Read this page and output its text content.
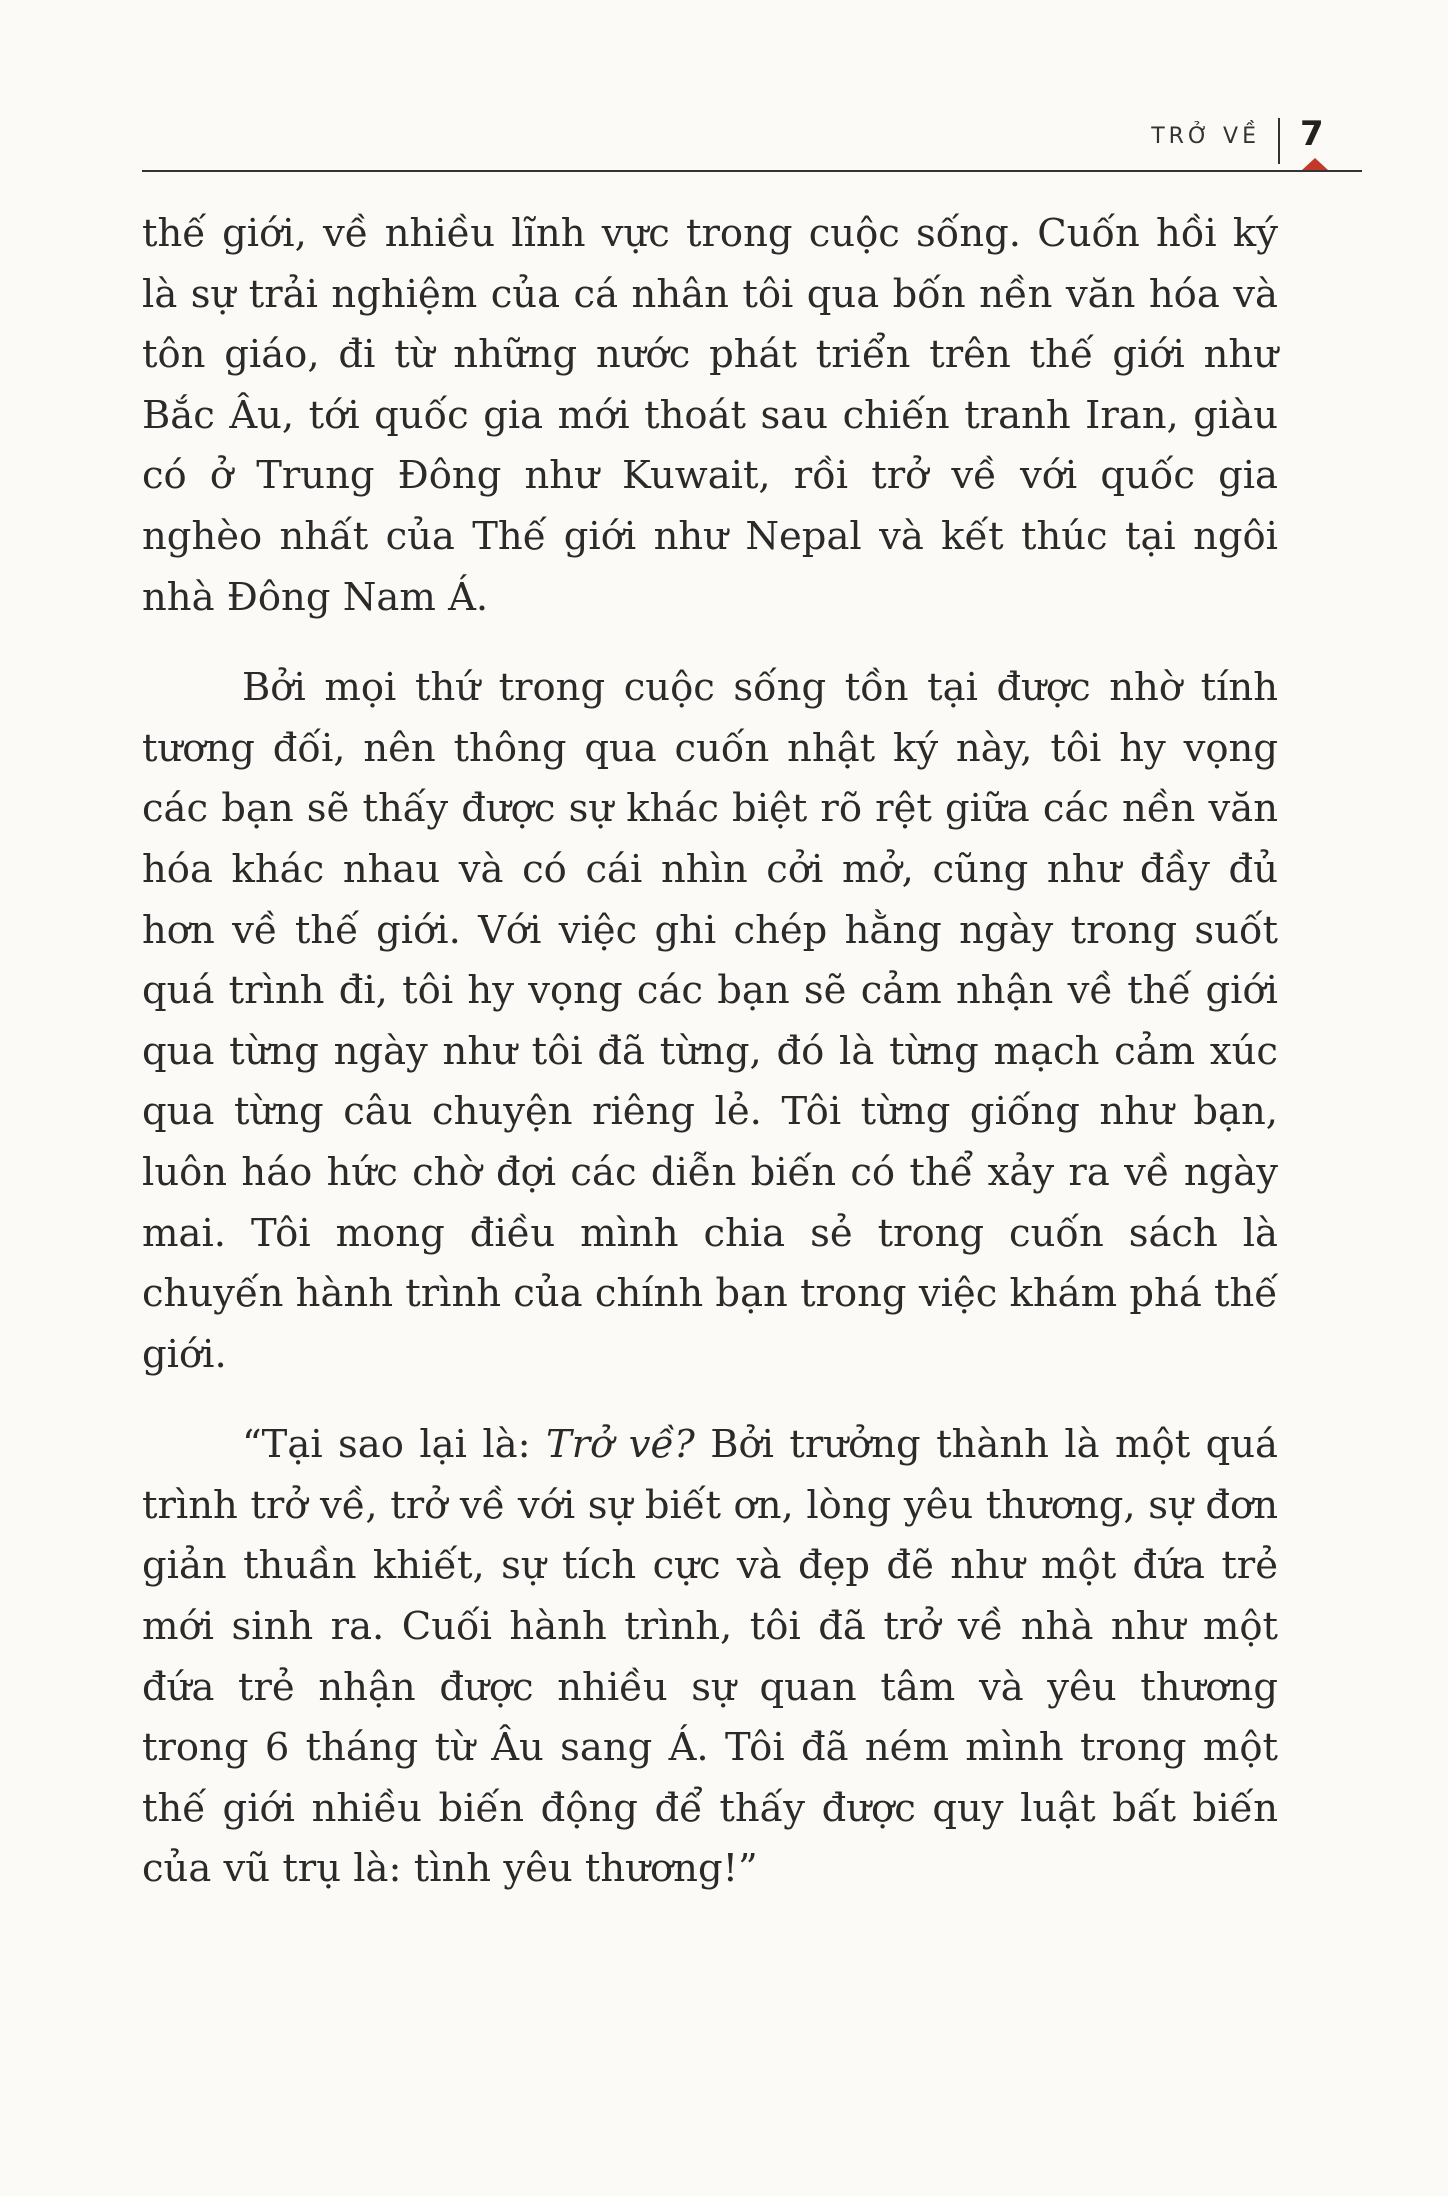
TRỞ VỀ 7

thế giới, về nhiều lĩnh vực trong cuộc sống. Cuốn hồi ký là sự trải nghiệm của cá nhân tôi qua bốn nền văn hóa và tôn giáo, đi từ những nước phát triển trên thế giới như Bắc Âu, tới quốc gia mới thoát sau chiến tranh Iran, giàu có ở Trung Đông như Kuwait, rồi trở về với quốc gia nghèo nhất của Thế giới như Nepal và kết thúc tại ngôi nhà Đông Nam Á.

Bởi mọi thứ trong cuộc sống tồn tại được nhờ tính tương đối, nên thông qua cuốn nhật ký này, tôi hy vọng các bạn sẽ thấy được sự khác biệt rõ rệt giữa các nền văn hóa khác nhau và có cái nhìn cởi mở, cũng như đầy đủ hơn về thế giới. Với việc ghi chép hằng ngày trong suốt quá trình đi, tôi hy vọng các bạn sẽ cảm nhận về thế giới qua từng ngày như tôi đã từng, đó là từng mạch cảm xúc qua từng câu chuyện riêng lẻ. Tôi từng giống như bạn, luôn háo hức chờ đợi các diễn biến có thể xảy ra về ngày mai. Tôi mong điều mình chia sẻ trong cuốn sách là chuyến hành trình của chính bạn trong việc khám phá thế giới.

“Tại sao lại là: Trở về? Bởi trưởng thành là một quá trình trở về, trở về với sự biết ơn, lòng yêu thương, sự đơn giản thuần khiết, sự tích cực và đẹp đẽ như một đứa trẻ mới sinh ra. Cuối hành trình, tôi đã trở về nhà như một đứa trẻ nhận được nhiều sự quan tâm và yêu thương trong 6 tháng từ Âu sang Á. Tôi đã ném mình trong một thế giới nhiều biến động để thấy được quy luật bất biến của vũ trụ là: tình yêu thương!”
